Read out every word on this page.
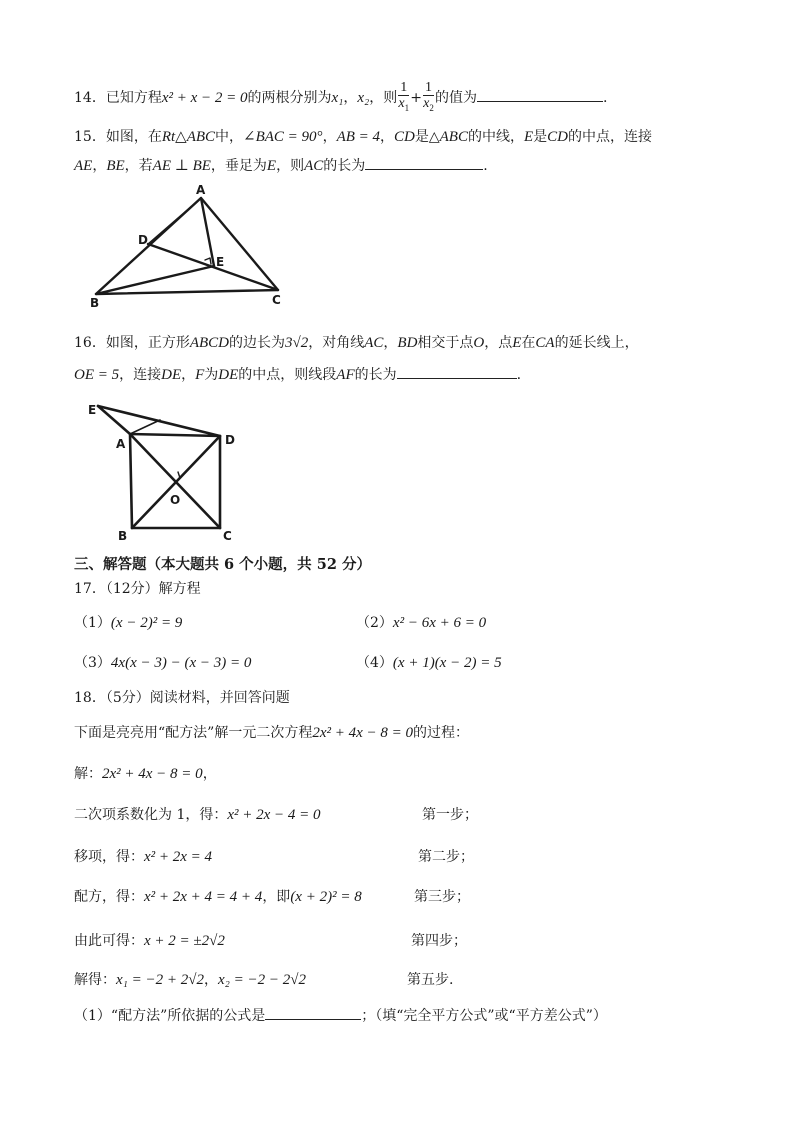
14．已知方程x² + x − 2 = 0的两根分别为x₁，x₂，则 $\frac{1}{x_1} + \frac{1}{x_2}$ 的值为	.
15．如图，在Rt△ABC中，∠BAC = 90°，AB = 4，CD是△ABC的中线，E是CD的中点，连接
AE，BE，若AE ⊥ BE，垂足为E，则AC的长为	.
A
D
E
B	C
16．如图，正方形ABCD的边长为3√2，对角线AC，BD相交于点O，点E在CA的延长线上，
OE = 5，连接DE，F为DE的中点，则线段AF的长为	.
E
A	D
O
B	C
三、解答题（本大题共 6 个小题，共 52 分）
17．（12分）解方程
（1）(x − 2)² = 9	（2）x² − 6x + 6 = 0
（3）4x(x − 3) − (x − 3) = 0	（4）(x + 1)(x − 2) = 5
18．（5分）阅读材料，并回答问题
下面是亮亮用“配方法”解一元二次方程2x² + 4x − 8 = 0的过程：
解：2x² + 4x − 8 = 0，
二次项系数化为 1，得：x² + 2x − 4 = 0	第一步；
移项，得：x² + 2x = 4	第二步；
配方，得：x² + 2x + 4 = 4 + 4，即(x + 2)² = 8	第三步；
由此可得：x + 2 = ±2√2	第四步；
解得：x₁ = −2 + 2√2，x₂ = −2 − 2√2	第五步.
（1）“配方法”所依据的公式是	；（填“完全平方公式”或“平方差公式”）
